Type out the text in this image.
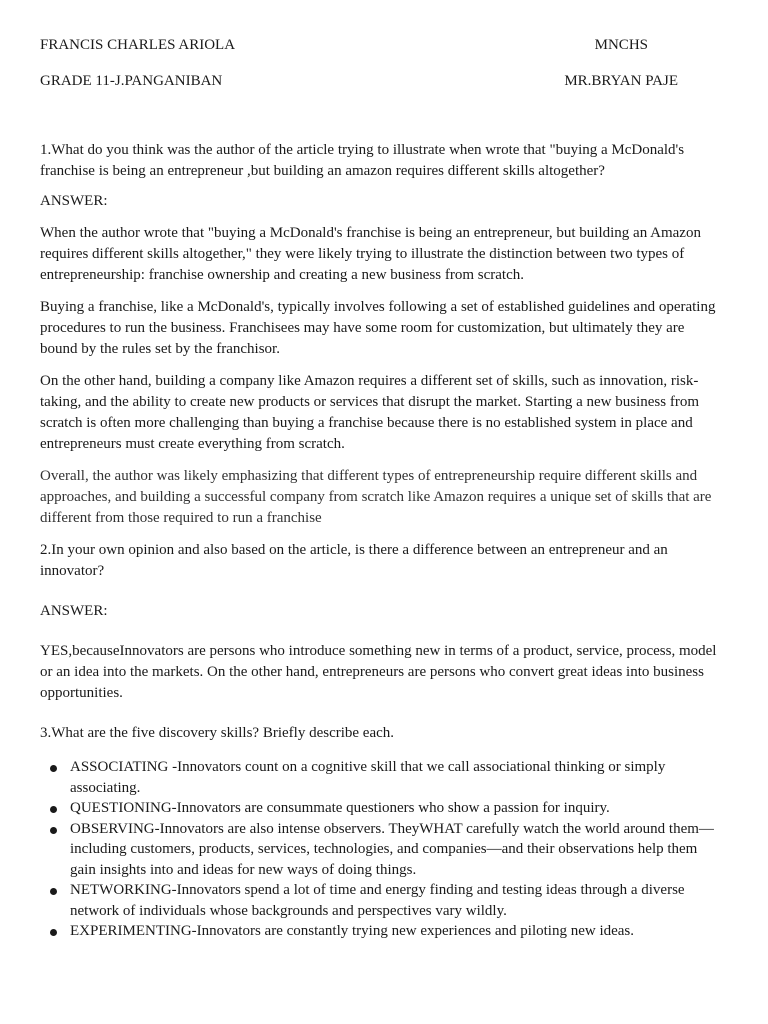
FRANCIS CHARLES ARIOLA	MNCHS
GRADE 11-J.PANGANIBAN	MR.BRYAN PAJE

1.What do you think was the author of the article trying to illustrate when wrote that "buying a McDonald's franchise is being an entrepreneur ,but building an amazon requires different skills altogether?

ANSWER:

When the author wrote that "buying a McDonald's franchise is being an entrepreneur, but building an Amazon requires different skills altogether," they were likely trying to illustrate the distinction between two types of entrepreneurship: franchise ownership and creating a new business from scratch.

Buying a franchise, like a McDonald's, typically involves following a set of established guidelines and operating procedures to run the business. Franchisees may have some room for customization, but ultimately they are bound by the rules set by the franchisor.

On the other hand, building a company like Amazon requires a different set of skills, such as innovation, risk-taking, and the ability to create new products or services that disrupt the market. Starting a new business from scratch is often more challenging than buying a franchise because there is no established system in place and entrepreneurs must create everything from scratch.

Overall, the author was likely emphasizing that different types of entrepreneurship require different skills and approaches, and building a successful company from scratch like Amazon requires a unique set of skills that are different from those required to run a franchise

2.In your own opinion and also based on the article, is there a difference between an entrepreneur and an innovator?

ANSWER:

YES,becauseInnovators are persons who introduce something new in terms of a product, service, process, model or an idea into the markets. On the other hand, entrepreneurs are persons who convert great ideas into business opportunities.

3.What are the five discovery skills? Briefly describe each.

ASSOCIATING -Innovators count on a cognitive skill that we call associational thinking or simply associating.
QUESTIONING-Innovators are consummate questioners who show a passion for inquiry.
OBSERVING-Innovators are also intense observers. TheyWHAT carefully watch the world around them—including customers, products, services, technologies, and companies—and their observations help them gain insights into and ideas for new ways of doing things.
NETWORKING-Innovators spend a lot of time and energy finding and testing ideas through a diverse network of individuals whose backgrounds and perspectives vary wildly.
EXPERIMENTING-Innovators are constantly trying new experiences and piloting new ideas.
